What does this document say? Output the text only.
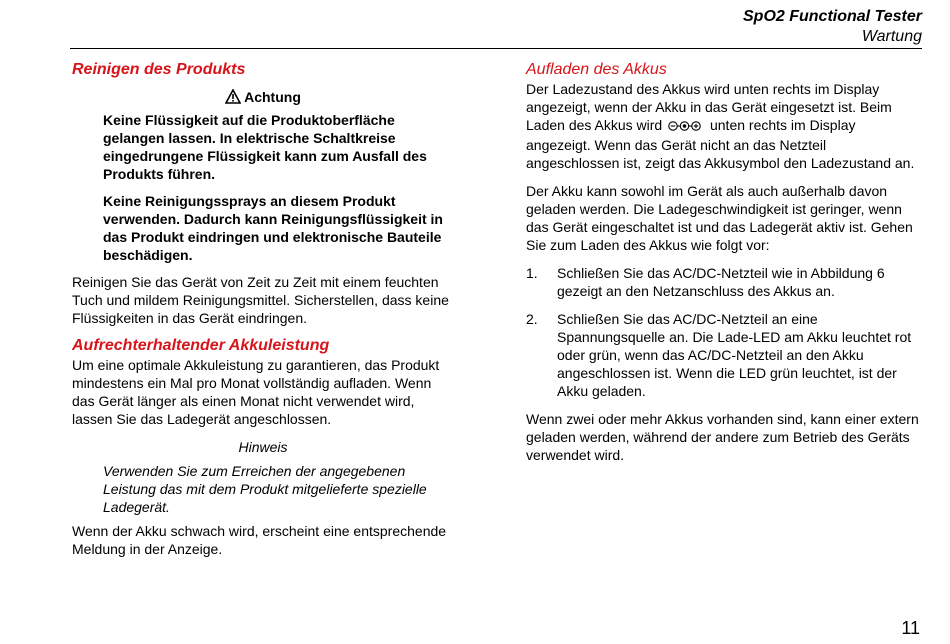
SpO2 Functional Tester
Wartung
Reinigen des Produkts
Achtung

Keine Flüssigkeit auf die Produktoberfläche gelangen lassen. In elektrische Schaltkreise eingedrungene Flüssigkeit kann zum Ausfall des Produkts führen.

Keine Reinigungssprays an diesem Produkt verwenden. Dadurch kann Reinigungsflüssigkeit in das Produkt eindringen und elektronische Bauteile beschädigen.

Reinigen Sie das Gerät von Zeit zu Zeit mit einem feuchten Tuch und mildem Reinigungsmittel. Sicherstellen, dass keine Flüssigkeiten in das Gerät eindringen.

Aufrechterhaltender Akkuleistung

Um eine optimale Akkuleistung zu garantieren, das Produkt mindestens ein Mal pro Monat vollständig aufladen. Wenn das Gerät länger als einen Monat nicht verwendet wird, lassen Sie das Ladegerät angeschlossen.

Hinweis

Verwenden Sie zum Erreichen der angegebenen Leistung das mit dem Produkt mitgelieferte spezielle Ladegerät.

Wenn der Akku schwach wird, erscheint eine entsprechende Meldung in der Anzeige.

Aufladen des Akkus

Der Ladezustand des Akkus wird unten rechts im Display angezeigt, wenn der Akku in das Gerät eingesetzt ist. Beim Laden des Akkus wird	unten rechts im Display angezeigt. Wenn das Gerät nicht an das Netzteil angeschlossen ist, zeigt das Akkusymbol den Ladezustand an.

Der Akku kann sowohl im Gerät als auch außerhalb davon geladen werden. Die Ladegeschwindigkeit ist geringer, wenn das Gerät eingeschaltet ist und das Ladegerät aktiv ist. Gehen Sie zum Laden des Akkus wie folgt vor:

1. Schließen Sie das AC/DC-Netzteil wie in Abbildung 6 gezeigt an den Netzanschluss des Akkus an.
2. Schließen Sie das AC/DC-Netzteil an eine Spannungsquelle an. Die Lade-LED am Akku leuchtet rot oder grün, wenn das AC/DC-Netzteil an den Akku angeschlossen ist. Wenn die LED grün leuchtet, ist der Akku geladen.

Wenn zwei oder mehr Akkus vorhanden sind, kann einer extern geladen werden, während der andere zum Betrieb des Geräts verwendet wird.

11
